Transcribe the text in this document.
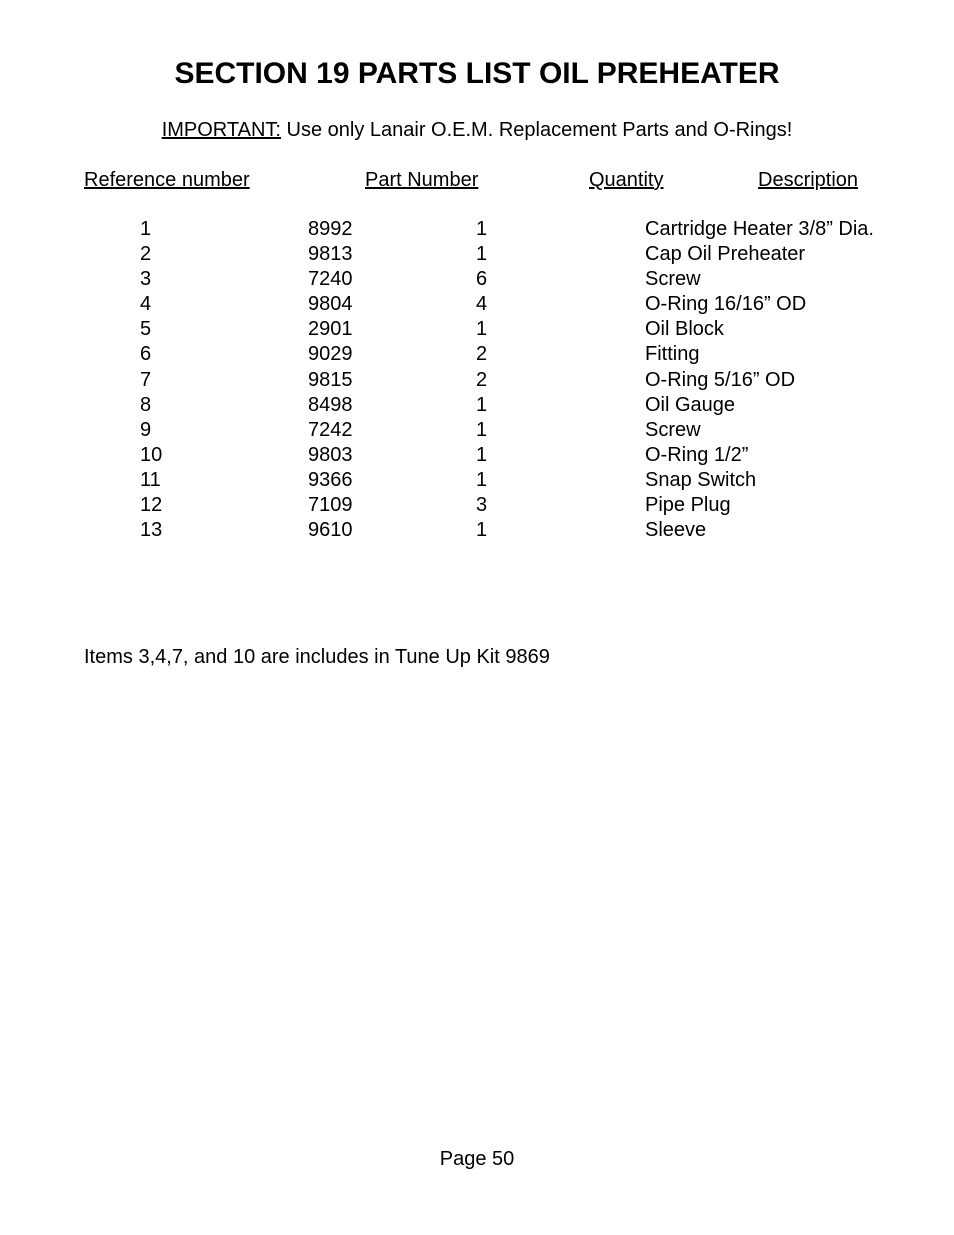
SECTION 19 PARTS LIST OIL PREHEATER
IMPORTANT: Use only Lanair O.E.M. Replacement Parts and O-Rings!
Reference number	Part Number	Quantity	Description
1	8992	1	Cartridge Heater 3/8” Dia.
2	9813	1	Cap Oil Preheater
3	7240	6	Screw
4	9804	4	O-Ring 16/16” OD
5	2901	1	Oil Block
6	9029	2	Fitting
7	9815	2	O-Ring 5/16” OD
8	8498	1	Oil Gauge
9	7242	1	Screw
10	9803	1	O-Ring 1/2”
11	9366	1	Snap Switch
12	7109	3	Pipe Plug
13	9610	1	Sleeve
Items 3,4,7, and 10 are includes in Tune Up Kit 9869
Page 50
